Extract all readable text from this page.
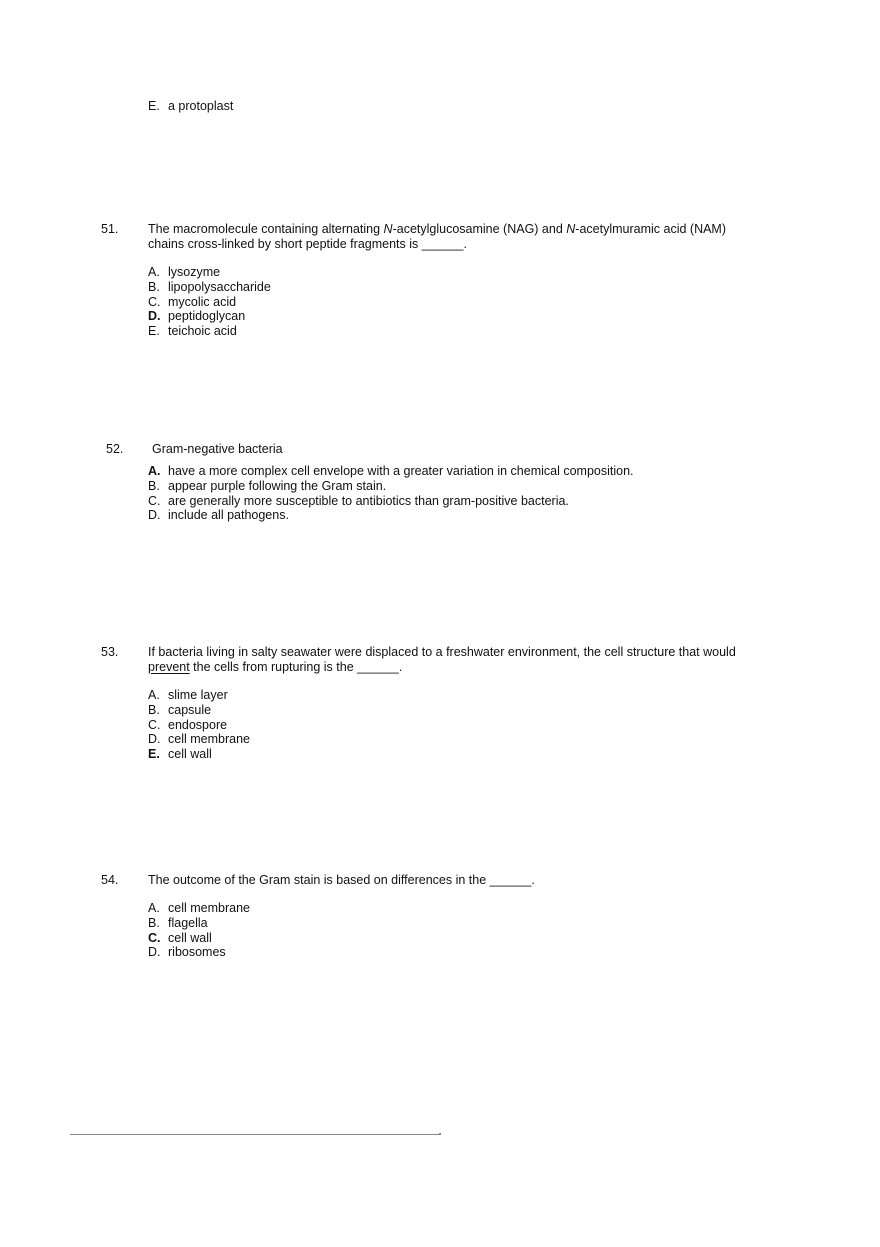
E. a protoplast
51. The macromolecule containing alternating N-acetylglucosamine (NAG) and N-acetylmuramic acid (NAM)
chains cross-linked by short peptide fragments is ______.
A. lysozyme
B. lipopolysaccharide
C. mycolic acid
D. peptidoglycan
E. teichoic acid
52. Gram-negative bacteria
A. have a more complex cell envelope with a greater variation in chemical composition.
B. appear purple following the Gram stain.
C. are generally more susceptible to antibiotics than gram-positive bacteria.
D. include all pathogens.
53. If bacteria living in salty seawater were displaced to a freshwater environment, the cell structure that would
prevent the cells from rupturing is the ______.
A. slime layer
B. capsule
C. endospore
D. cell membrane
E. cell wall
54. The outcome of the Gram stain is based on differences in the ______.
A. cell membrane
B. flagella
C. cell wall
D. ribosomes
